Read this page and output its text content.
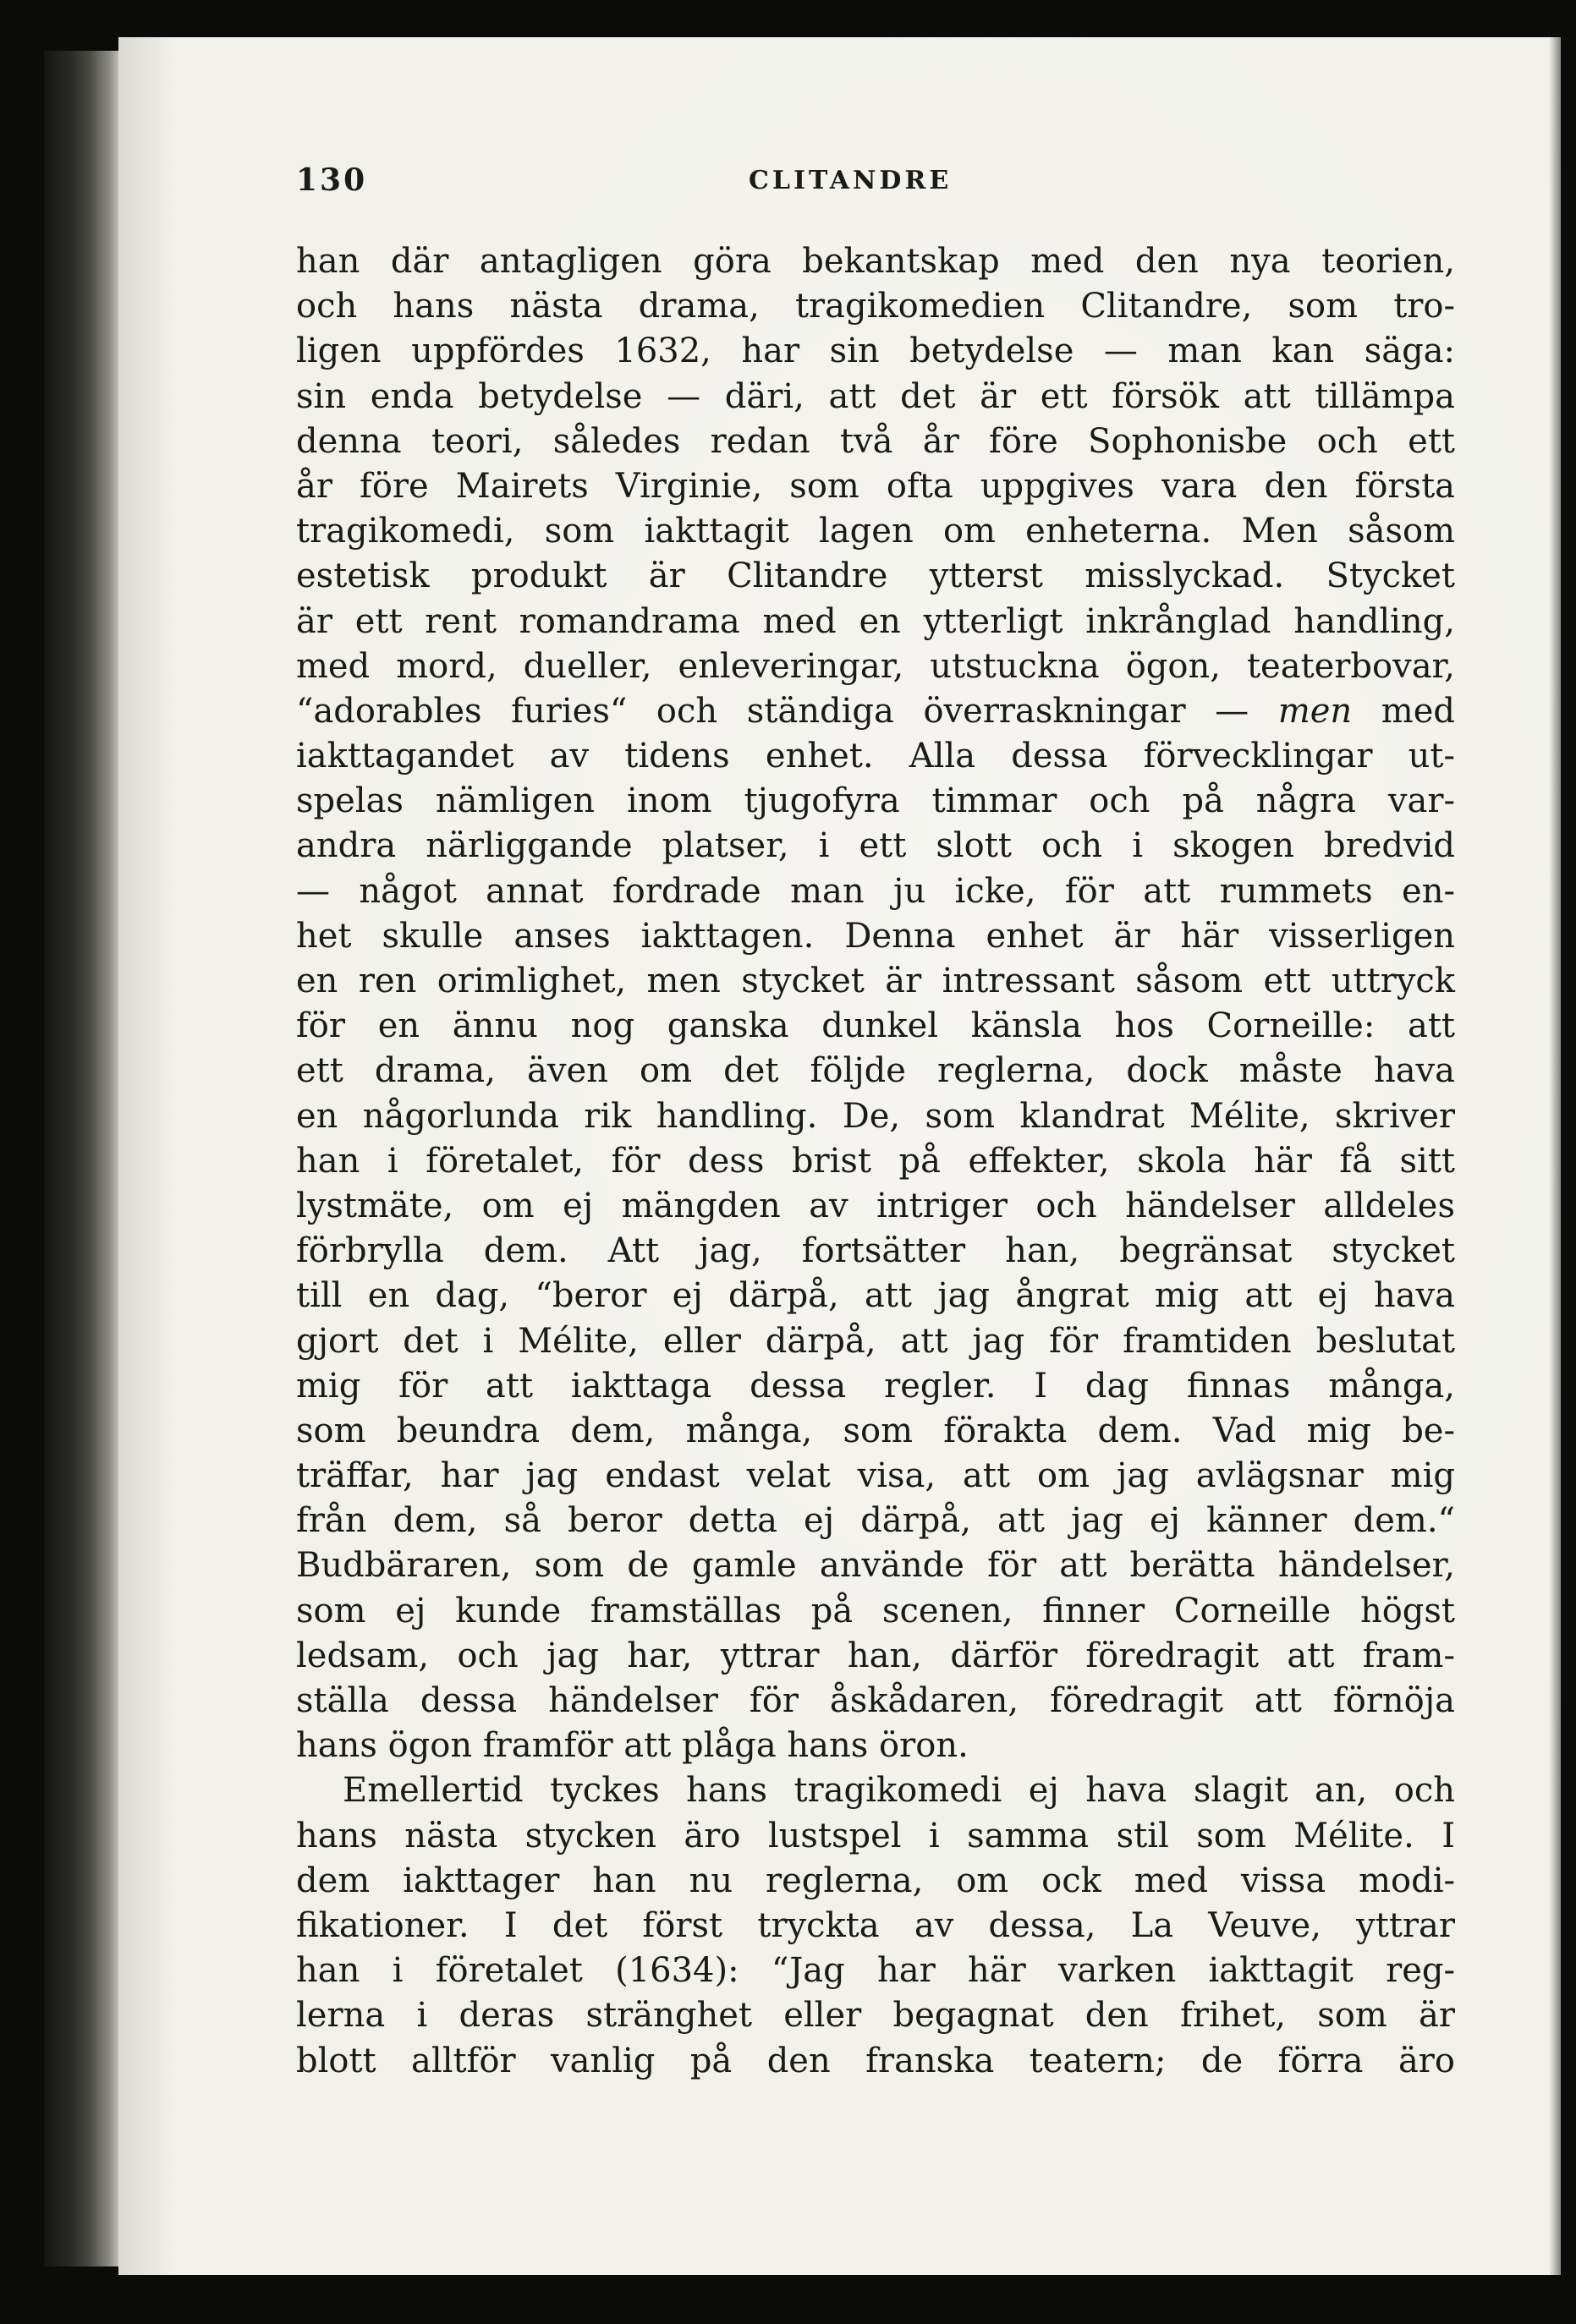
130	CLITANDRE
han där antagligen göra bekantskap med den nya teorien,
och hans nästa drama, tragikomedien Clitandre, som tro-
ligen uppfördes 1632, har sin betydelse — man kan säga:
sin enda betydelse — däri, att det är ett försök att tillämpa
denna teori, således redan två år före Sophonisbe och ett
år före Mairets Virginie, som ofta uppgives vara den första
tragikomedi, som iakttagit lagen om enheterna. Men såsom
estetisk produkt är Clitandre ytterst misslyckad. Stycket
är ett rent romandrama med en ytterligt inkrånglad handling,
med mord, dueller, enleveringar, utstuckna ögon, teaterbovar,
“adorables furies“ och ständiga överraskningar — men med
iakttagandet av tidens enhet. Alla dessa förvecklingar ut-
spelas nämligen inom tjugofyra timmar och på några var-
andra närliggande platser, i ett slott och i skogen bredvid
— något annat fordrade man ju icke, för att rummets en-
het skulle anses iakttagen. Denna enhet är här visserligen
en ren orimlighet, men stycket är intressant såsom ett uttryck
för en ännu nog ganska dunkel känsla hos Corneille: att
ett drama, även om det följde reglerna, dock måste hava
en någorlunda rik handling. De, som klandrat Mélite, skriver
han i företalet, för dess brist på effekter, skola här få sitt
lystmäte, om ej mängden av intriger och händelser alldeles
förbrylla dem. Att jag, fortsätter han, begränsat stycket
till en dag, “beror ej därpå, att jag ångrat mig att ej hava
gjort det i Mélite, eller därpå, att jag för framtiden beslutat
mig för att iakttaga dessa regler. I dag finnas många,
som beundra dem, många, som förakta dem. Vad mig be-
träffar, har jag endast velat visa, att om jag avlägsnar mig
från dem, så beror detta ej därpå, att jag ej känner dem.“
Budbäraren, som de gamle använde för att berätta händelser,
som ej kunde framställas på scenen, finner Corneille högst
ledsam, och jag har, yttrar han, därför föredragit att fram-
ställa dessa händelser för åskådaren, föredragit att förnöja
hans ögon framför att plåga hans öron.
Emellertid tyckes hans tragikomedi ej hava slagit an, och
hans nästa stycken äro lustspel i samma stil som Mélite. I
dem iakttager han nu reglerna, om ock med vissa modi-
fikationer. I det först tryckta av dessa, La Veuve, yttrar
han i företalet (1634): “Jag har här varken iakttagit reg-
lerna i deras stränghet eller begagnat den frihet, som är
blott alltför vanlig på den franska teatern; de förra äro
